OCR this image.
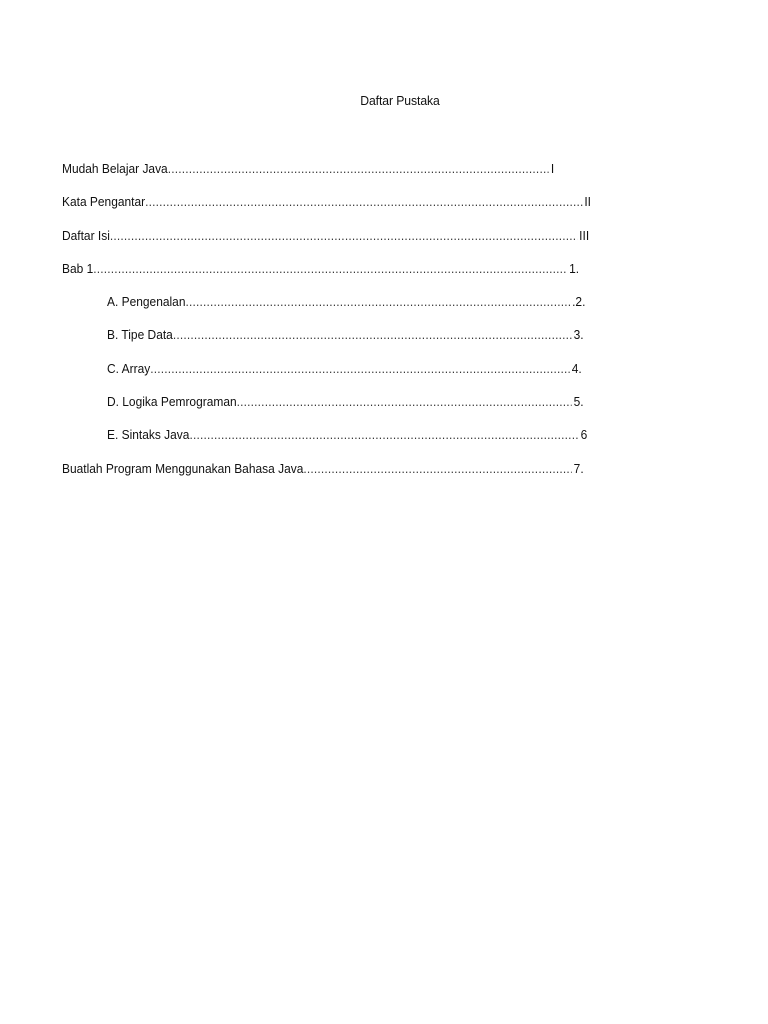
Daftar Pustaka
Mudah Belajar Java .....	I
Kata Pengantar .....	II
Daftar Isi .....	III
Bab 1 .....	1.
A. Pengenalan .....	.2.
B. Tipe Data .....	3.
C. Array .....	4.
D. Logika Pemrograman .....	5.
E. Sintaks Java .....	6
Buatlah Program Menggunakan Bahasa Java .....	7.
